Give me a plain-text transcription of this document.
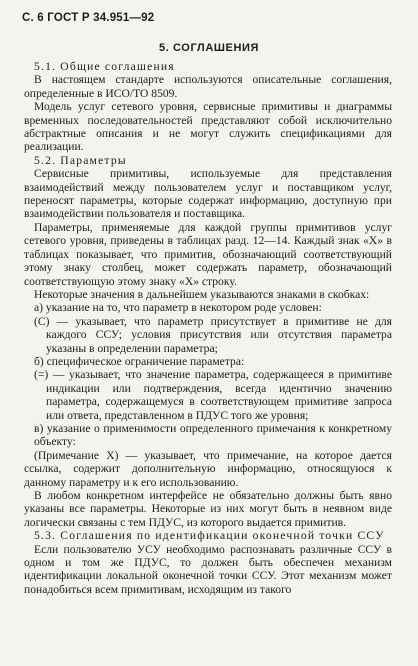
С. 6 ГОСТ Р 34.951—92
5. СОГЛАШЕНИЯ

5.1. Общие соглашения

В настоящем стандарте используются описательные соглашения, определенные в ИСО/ТО 8509.

Модель услуг сетевого уровня, сервисные примитивы и диаграммы временных последовательностей представляют собой исключительно абстрактные описания и не могут служить спецификациями для реализации.

5.2. Параметры

Сервисные примитивы, используемые для представления взаимодействий между пользователем услуг и поставщиком услуг, переносят параметры, которые содержат информацию, доступную при взаимодействии пользователя и поставщика.

Параметры, применяемые для каждой группы примитивов услуг сетевого уровня, приведены в таблицах разд. 12—14. Каждый знак «Х» в таблицах показывает, что примитив, обозначающий соответствующий этому знаку столбец, может содержать параметр, обозначающий соответствующую этому знаку «Х» строку.

Некоторые значения в дальнейшем указываются знаками в скобках:

а) указание на то, что параметр в некотором роде условен:

(С) — указывает, что параметр присутствует в примитиве не для каждого ССУ; условия присутствия или отсутствия параметра указаны в определении параметра;

б) специфическое ограничение параметра:

(=) — указывает, что значение параметра, содержащееся в примитиве индикации или подтверждения, всегда идентично значению параметра, содержащемуся в соответствующем примитиве запроса или ответа, представленном в ПДУС того же уровня;

в) указание о применимости определенного примечания к конкретному объекту:

(Примечание Х) — указывает, что примечание, на которое дается ссылка, содержит дополнительную информацию, относящуюся к данному параметру и к его использованию.

В любом конкретном интерфейсе не обязательно должны быть явно указаны все параметры. Некоторые из них могут быть в неявном виде логически связаны с тем ПДУС, из которого выдается примитив.

5.3. Соглашения по идентификации оконечной точки ССУ

Если пользователю УСУ необходимо распознавать различные ССУ в одном и том же ПДУС, то должен быть обеспечен механизм идентификации локальной оконечной точки ССУ. Этот механизм может понадобиться всем примитивам, исходящим из такого
